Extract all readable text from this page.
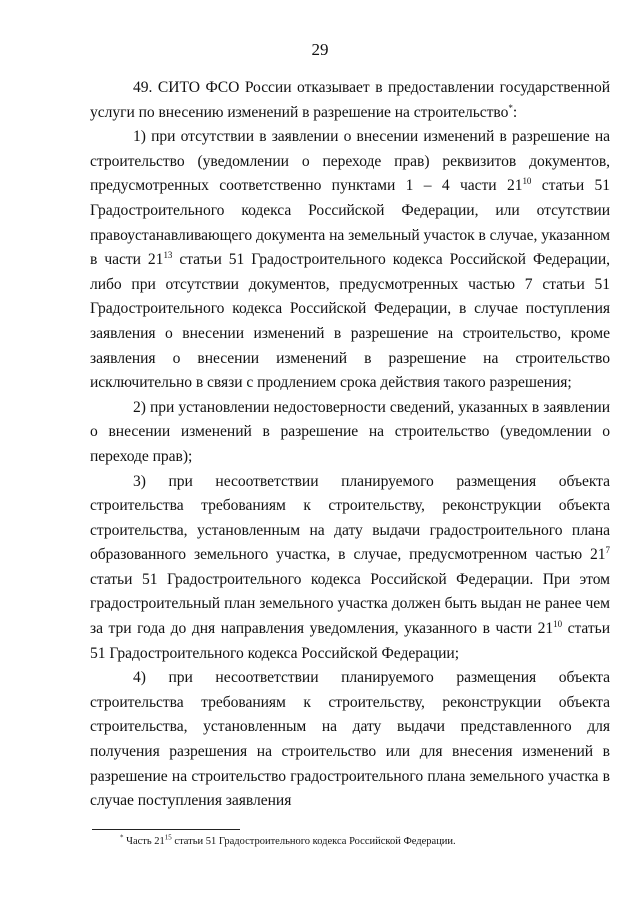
29

49. СИТО ФСО России отказывает в предоставлении государственной услуги по внесению изменений в разрешение на строительство*:

1) при отсутствии в заявлении о внесении изменений в разрешение на строительство (уведомлении о переходе прав) реквизитов документов, предусмотренных соответственно пунктами 1 – 4 части $21^{10}$ статьи 51 Градостроительного кодекса Российской Федерации, или отсутствии правоустанавливающего документа на земельный участок в случае, указанном в части $21^{13}$ статьи 51 Градостроительного кодекса Российской Федерации, либо при отсутствии документов, предусмотренных частью 7 статьи 51 Градостроительного кодекса Российской Федерации, в случае поступления заявления о внесении изменений в разрешение на строительство, кроме заявления о внесении изменений в разрешение на строительство исключительно в связи с продлением срока действия такого разрешения;

2) при установлении недостоверности сведений, указанных в заявлении о внесении изменений в разрешение на строительство (уведомлении о переходе прав);

3) при несоответствии планируемого размещения объекта строительства требованиям к строительству, реконструкции объекта строительства, установленным на дату выдачи градостроительного плана образованного земельного участка, в случае, предусмотренном частью $21^7$ статьи 51 Градостроительного кодекса Российской Федерации. При этом градостроительный план земельного участка должен быть выдан не ранее чем за три года до дня направления уведомления, указанного в части $21^{10}$ статьи 51 Градостроительного кодекса Российской Федерации;

4) при несоответствии планируемого размещения объекта строительства требованиям к строительству, реконструкции объекта строительства, установленным на дату выдачи представленного для получения разрешения на строительство или для внесения изменений в разрешение на строительство градостроительного плана земельного участка в случае поступления заявления

* Часть $21^{15}$ статьи 51 Градостроительного кодекса Российской Федерации.
